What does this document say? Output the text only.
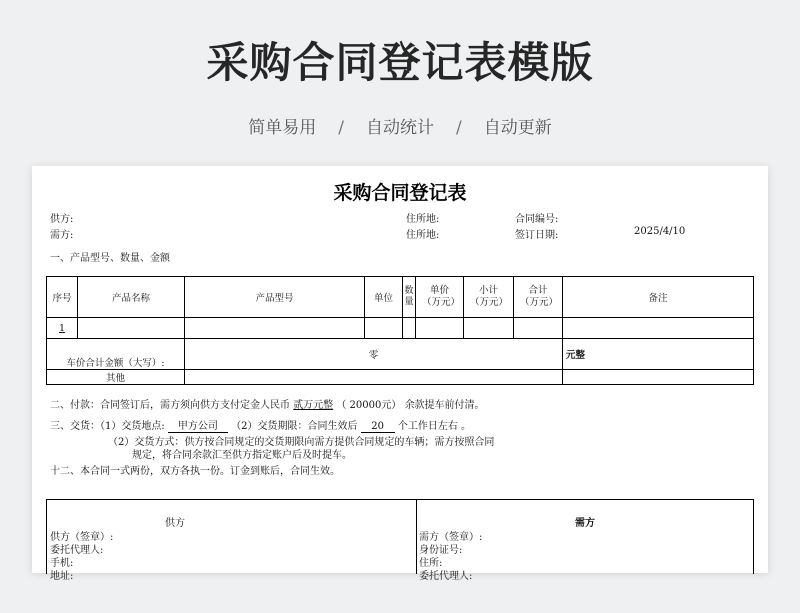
采购合同登记表模版
简单易用 / 自动统计 / 自动更新
采购合同登记表
供方:	住所地:	合同编号:
需方:	住所地:	签订日期:	2025/4/10
一、产品型号、数量、金额
序号	产品名称	产品型号	单位	数量	单价（万元）	小计（万元）	合计（万元）	备注
1								
车价合计金额（大写）:		零						元整
其他								
二、付款：合同签订后，需方须向供方支付定金人民币 贰万元整 （ 20000元） 余款提车前付清。
三、交货：（1）交货地点: 甲方公司 （2）交货期限：合同生效后 20 个工作日左右 。
（2）交货方式：供方按合同规定的交货期限向需方提供合同规定的车辆；需方按照合同
规定，将合同余款汇至供方指定账户后及时提车。
十二、本合同一式两份，双方各执一份。订金到账后，合同生效。
供方	需方
供方（签章）:
委托代理人:
手机:
地址:
需方（签章）:
身份证号:
住所:
委托代理人:
